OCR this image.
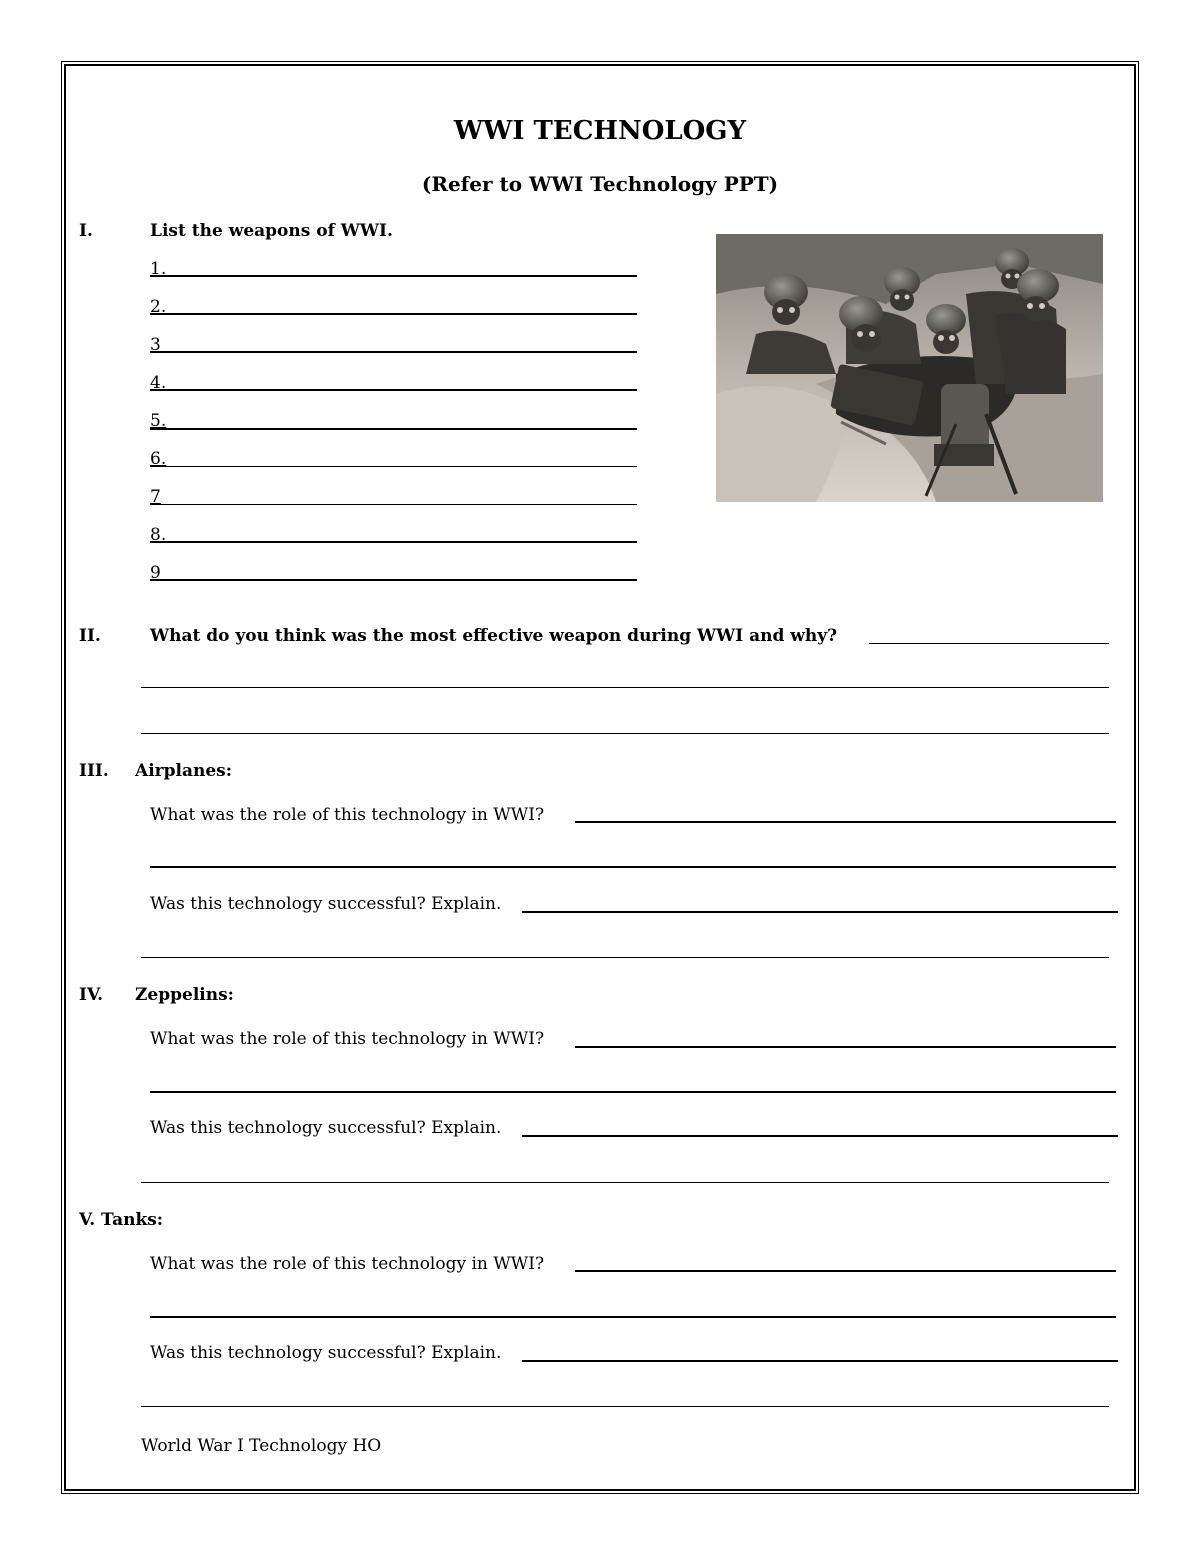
WWI TECHNOLOGY
(Refer to WWI Technology PPT)
I.	List the weapons of WWI.
1.
2.
3
4.
5.
6.
7
8.
9
II.	What do you think was the most effective weapon during WWI and why?
III. Airplanes:
What was the role of this technology in WWI?
Was this technology successful? Explain.
IV. Zeppelins:
What was the role of this technology in WWI?
Was this technology successful? Explain.
V. Tanks:
What was the role of this technology in WWI?
Was this technology successful? Explain.
World War I Technology HO
